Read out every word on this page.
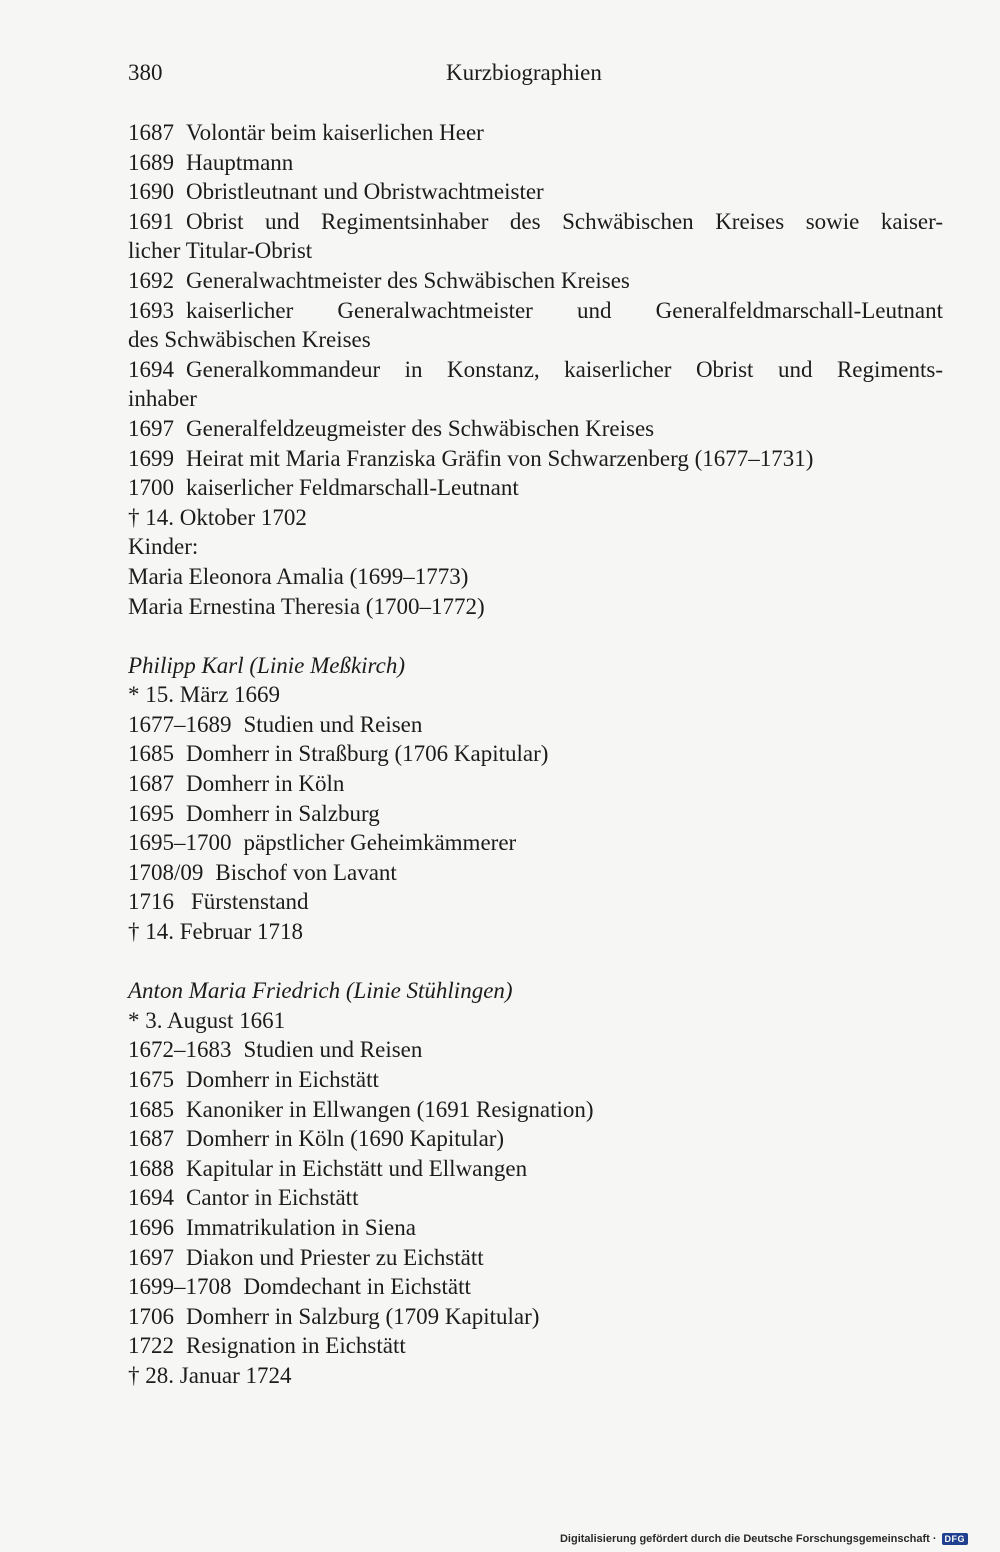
380	Kurzbiographien
1687 Volontär beim kaiserlichen Heer
1689 Hauptmann
1690 Obristleutnant und Obristwachtmeister
1691 Obrist und Regimentsinhaber des Schwäbischen Kreises sowie kaiser-
licher Titular-Obrist
1692 Generalwachtmeister des Schwäbischen Kreises
1693 kaiserlicher Generalwachtmeister und Generalfeldmarschall-Leutnant
des Schwäbischen Kreises
1694 Generalkommandeur in Konstanz, kaiserlicher Obrist und Regiments-
inhaber
1697 Generalfeldzeugmeister des Schwäbischen Kreises
1699 Heirat mit Maria Franziska Gräfin von Schwarzenberg (1677–1731)
1700 kaiserlicher Feldmarschall-Leutnant
† 14. Oktober 1702
Kinder:
Maria Eleonora Amalia (1699–1773)
Maria Ernestina Theresia (1700–1772)
Philipp Karl (Linie Meßkirch)
* 15. März 1669
1677–1689 Studien und Reisen
1685 Domherr in Straßburg (1706 Kapitular)
1687 Domherr in Köln
1695 Domherr in Salzburg
1695–1700 päpstlicher Geheimkämmerer
1708/09 Bischof von Lavant
1716 Fürstenstand
† 14. Februar 1718
Anton Maria Friedrich (Linie Stühlingen)
* 3. August 1661
1672–1683 Studien und Reisen
1675 Domherr in Eichstätt
1685 Kanoniker in Ellwangen (1691 Resignation)
1687 Domherr in Köln (1690 Kapitular)
1688 Kapitular in Eichstätt und Ellwangen
1694 Cantor in Eichstätt
1696 Immatrikulation in Siena
1697 Diakon und Priester zu Eichstätt
1699–1708 Domdechant in Eichstätt
1706 Domherr in Salzburg (1709 Kapitular)
1722 Resignation in Eichstätt
† 28. Januar 1724
Digitalisierung gefördert durch die Deutsche Forschungsgemeinschaft · DFG
